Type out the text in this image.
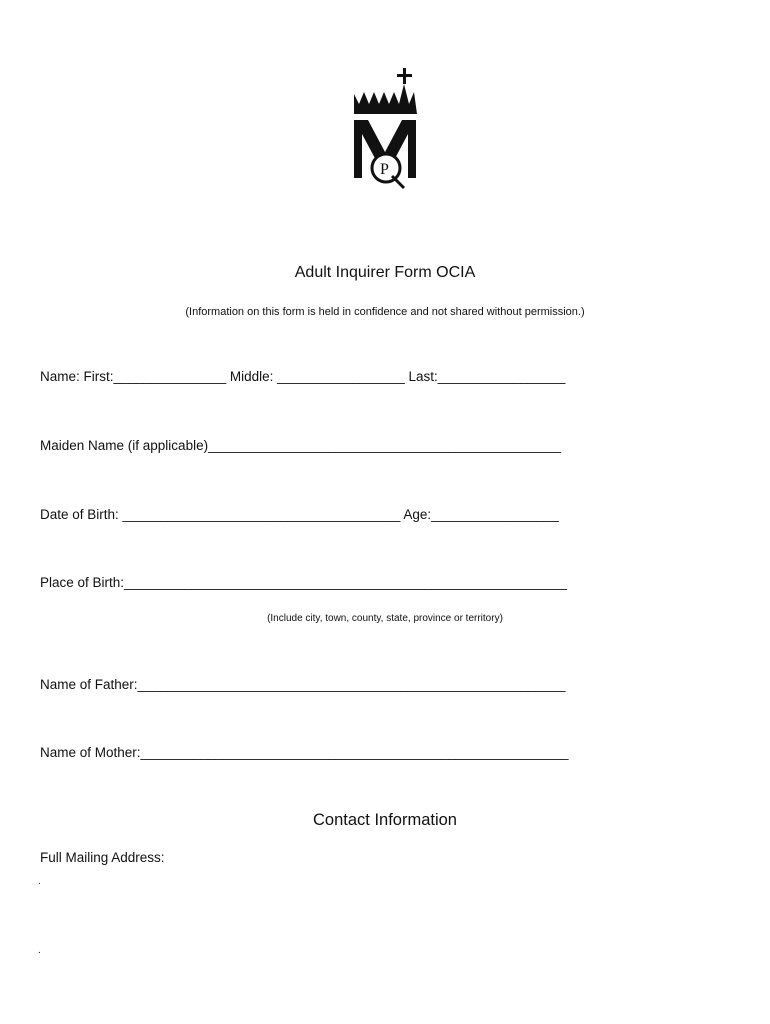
P
Adult Inquirer Form OCIA
(Information on this form is held in confidence and not shared without permission.)
Name: First:_______________ Middle: _________________ Last:_________________
Maiden Name (if applicable)_______________________________________________
Date of Birth: _____________________________________ Age:_________________
Place of Birth:___________________________________________________________
(Include city, town, county, state, province or territory)
Name of Father:_________________________________________________________
Name of Mother:_________________________________________________________
Contact Information
Full Mailing Address:
.
.
